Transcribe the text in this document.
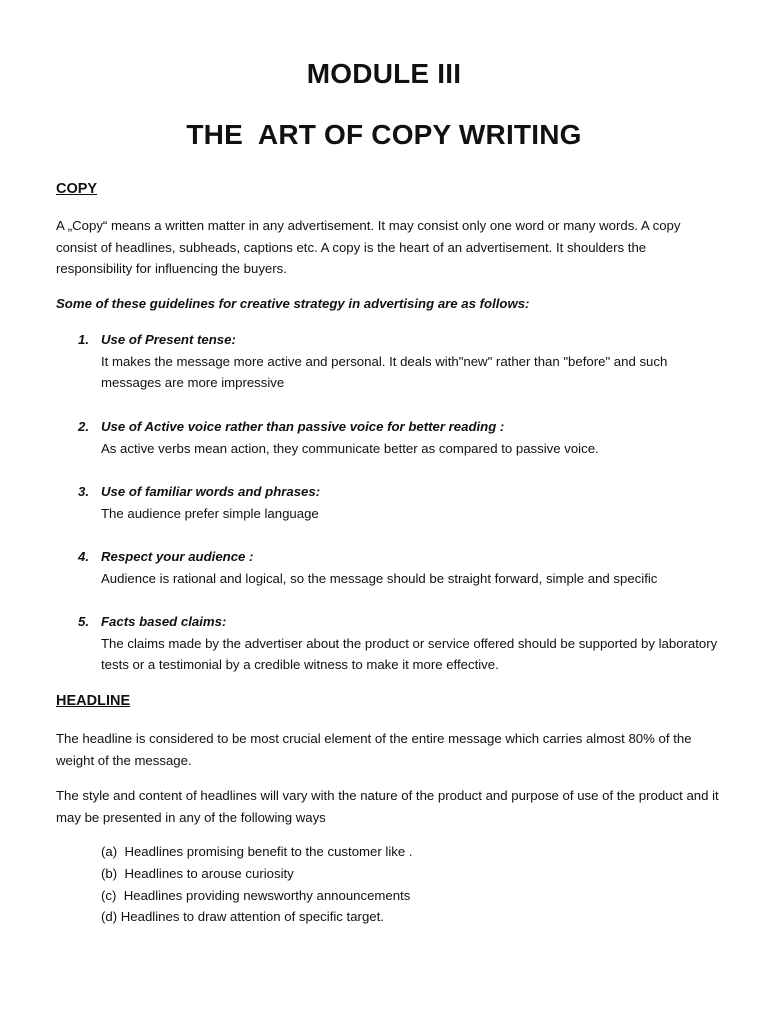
MODULE III
THE  ART OF COPY WRITING
COPY
A „Copy“ means a written matter in any advertisement. It may consist only one word or many words. A copy consist of headlines, subheads, captions etc. A copy is the heart of an advertisement. It shoulders the responsibility for influencing the buyers.
Some of these guidelines for creative strategy in advertising are as follows:
1. Use of Present tense:
It makes the message more active and personal. It deals with"new" rather than "before" and such messages are more impressive
2. Use of Active voice rather than passive voice for better reading :
As active verbs mean action, they communicate better as compared to passive voice.
3. Use of familiar words and phrases:
The audience prefer simple language
4. Respect your audience :
Audience is rational and logical, so the message should be straight forward, simple and specific
5. Facts based claims:
The claims made by the advertiser about the product or service offered should be supported by laboratory tests or a testimonial by a credible witness to make it more effective.
HEADLINE
The headline is considered to be most crucial element of the entire message which carries almost 80% of the weight of the message.
The style and content of headlines will vary with the nature of the product and purpose of use of the product and it may be presented in any of the following ways
(a)  Headlines promising benefit to the customer like .
(b)  Headlines to arouse curiosity
(c)  Headlines providing newsworthy announcements
(d) Headlines to draw attention of specific target.
